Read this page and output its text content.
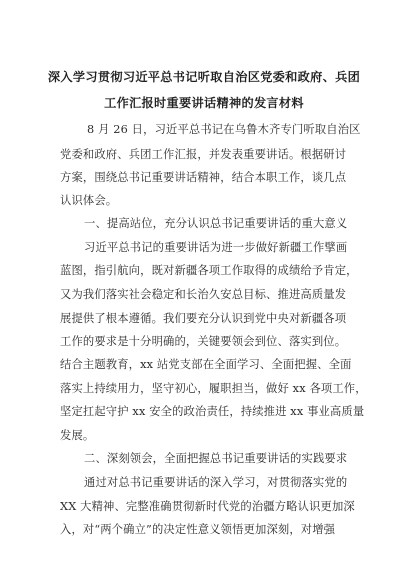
深入学习贯彻习近平总书记听取自治区党委和政府、兵团
工作汇报时重要讲话精神的发言材料
8 月 26 日，习近平总书记在乌鲁木齐专门听取自治区
党委和政府、兵团工作汇报，并发表重要讲话。根据研讨
方案，围绕总书记重要讲话精神，结合本职工作，谈几点
认识体会。
一、提高站位，充分认识总书记重要讲话的重大意义
习近平总书记的重要讲话为进一步做好新疆工作擘画
蓝图，指引航向，既对新疆各项工作取得的成绩给予肯定，
又为我们落实社会稳定和长治久安总目标、推进高质量发
展提供了根本遵循。我们要充分认识到党中央对新疆各项
工作的要求是十分明确的，关键要领会到位、落实到位。
结合主题教育，xx 站党支部在全面学习、全面把握、全面
落实上持续用力，坚守初心，履职担当，做好 xx 各项工作，
坚定扛起守护 xx 安全的政治责任，持续推进 xx 事业高质量
发展。
二、深刻领会，全面把握总书记重要讲话的实践要求
通过对总书记重要讲话的深入学习，对贯彻落实党的
XX 大精神、完整准确贯彻新时代党的治疆方略认识更加深
入，对“两个确立”的决定性意义领悟更加深刻，对增强
